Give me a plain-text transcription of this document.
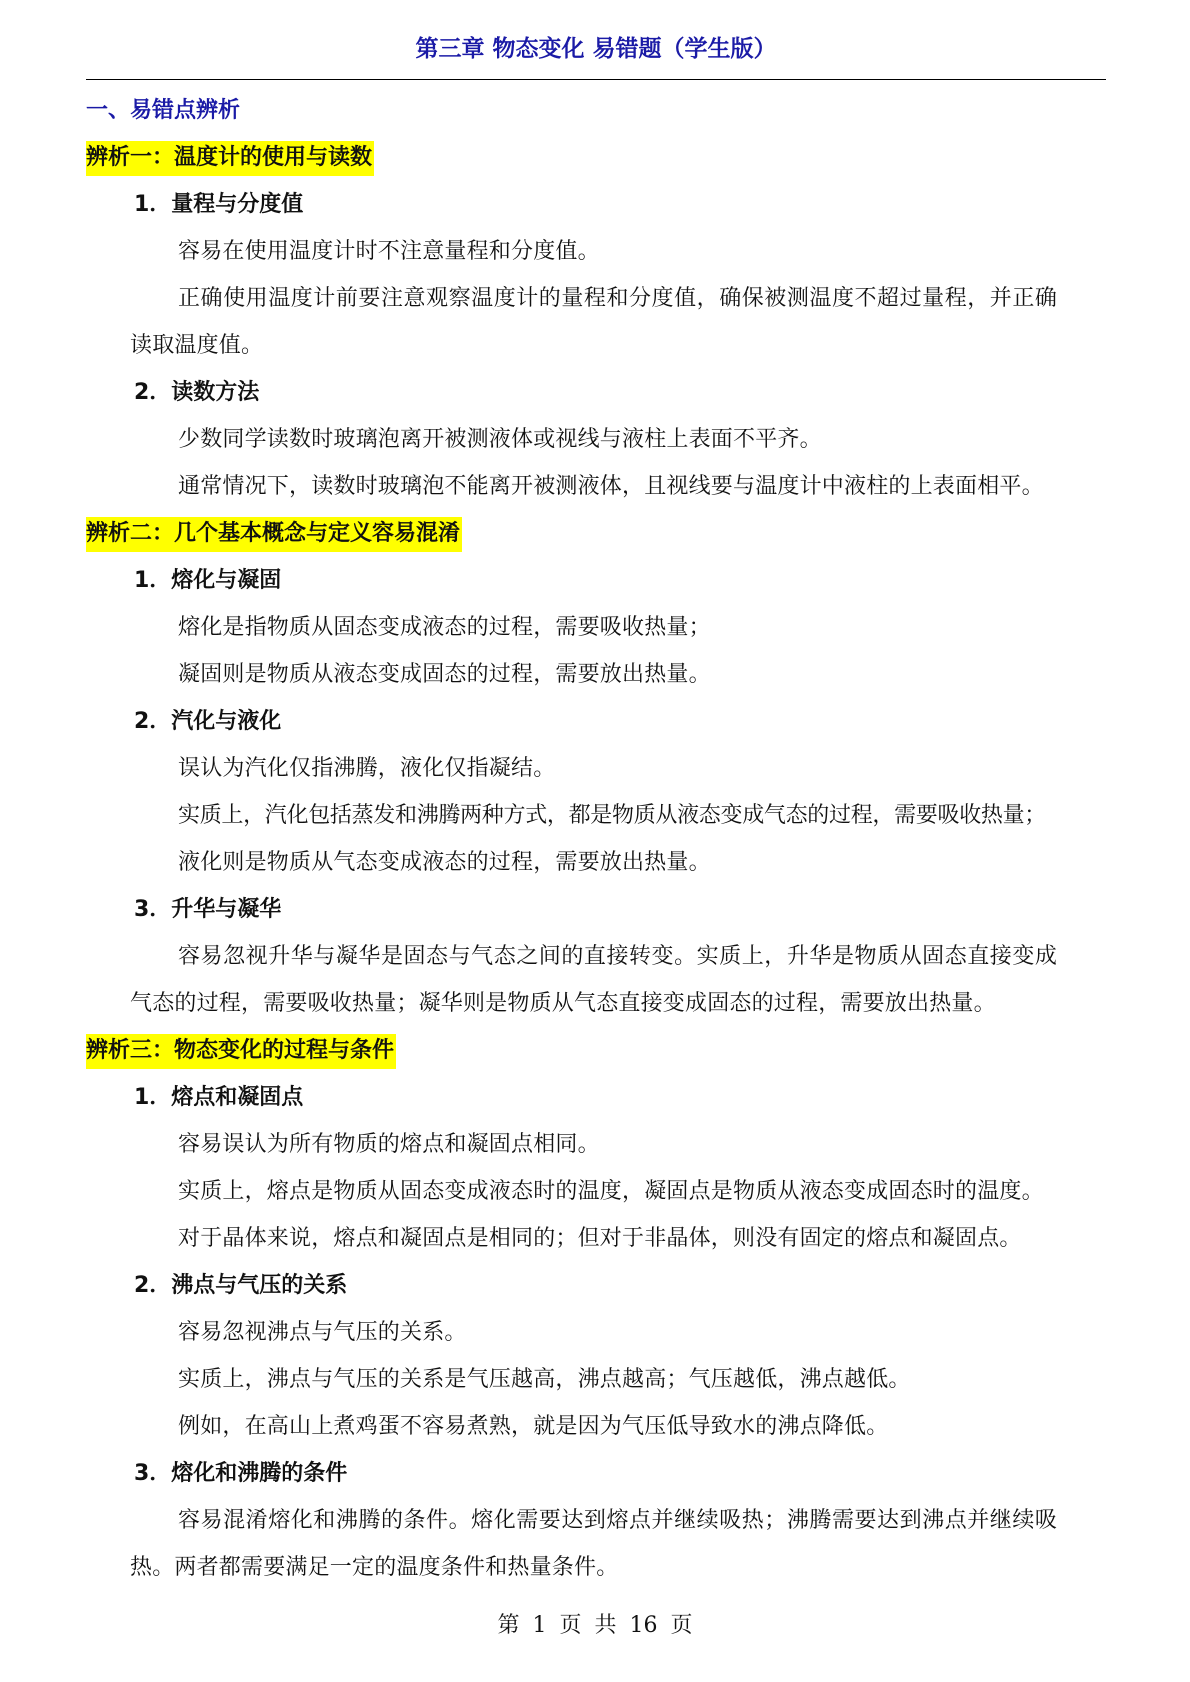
第三章 物态变化 易错题（学生版）
一、易错点辨析
辨析一：温度计的使用与读数
1．量程与分度值
容易在使用温度计时不注意量程和分度值。
正确使用温度计前要注意观察温度计的量程和分度值，确保被测温度不超过量程，并正确
读取温度值。
2．读数方法
少数同学读数时玻璃泡离开被测液体或视线与液柱上表面不平齐。
通常情况下，读数时玻璃泡不能离开被测液体，且视线要与温度计中液柱的上表面相平。
辨析二：几个基本概念与定义容易混淆
1．熔化与凝固
熔化是指物质从固态变成液态的过程，需要吸收热量；
凝固则是物质从液态变成固态的过程，需要放出热量。
2．汽化与液化
误认为汽化仅指沸腾，液化仅指凝结。
实质上，汽化包括蒸发和沸腾两种方式，都是物质从液态变成气态的过程，需要吸收热量；
液化则是物质从气态变成液态的过程，需要放出热量。
3．升华与凝华
容易忽视升华与凝华是固态与气态之间的直接转变。实质上，升华是物质从固态直接变成
气态的过程，需要吸收热量；凝华则是物质从气态直接变成固态的过程，需要放出热量。
辨析三：物态变化的过程与条件
1．熔点和凝固点
容易误认为所有物质的熔点和凝固点相同。
实质上，熔点是物质从固态变成液态时的温度，凝固点是物质从液态变成固态时的温度。
对于晶体来说，熔点和凝固点是相同的；但对于非晶体，则没有固定的熔点和凝固点。
2．沸点与气压的关系
容易忽视沸点与气压的关系。
实质上，沸点与气压的关系是气压越高，沸点越高；气压越低，沸点越低。
例如，在高山上煮鸡蛋不容易煮熟，就是因为气压低导致水的沸点降低。
3．熔化和沸腾的条件
容易混淆熔化和沸腾的条件。熔化需要达到熔点并继续吸热；沸腾需要达到沸点并继续吸
热。两者都需要满足一定的温度条件和热量条件。
第 1 页 共 16 页
